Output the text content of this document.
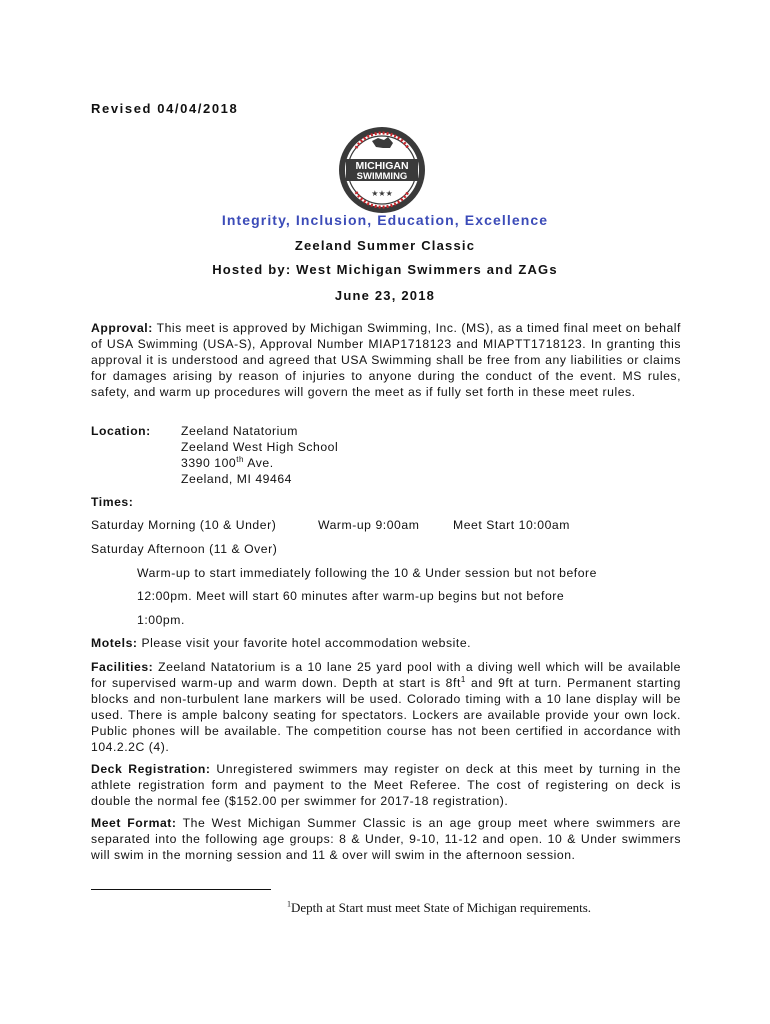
Revised 04/04/2018
MICHIGAN
SWIMMING
★★★
Integrity, Inclusion, Education, Excellence
Zeeland Summer Classic
Hosted by: West Michigan Swimmers and ZAGs
June 23, 2018
Approval: This meet is approved by Michigan Swimming, Inc. (MS), as a timed final meet on behalf of USA Swimming (USA-S), Approval Number MIAP1718123 and MIAPTT1718123. In granting this approval it is understood and agreed that USA Swimming shall be free from any liabilities or claims for damages arising by reason of injuries to anyone during the conduct of the event. MS rules, safety, and warm up procedures will govern the meet as if fully set forth in these meet rules.
Location: Zeeland Natatorium
Zeeland West High School
3390 100th Ave.
Zeeland, MI 49464
Times:
Saturday Morning (10 & Under)	Warm-up 9:00am	Meet Start 10:00am
Saturday Afternoon (11 & Over)
Warm-up to start immediately following the 10 & Under session but not before
12:00pm. Meet will start 60 minutes after warm-up begins but not before
1:00pm.
Motels: Please visit your favorite hotel accommodation website.
Facilities: Zeeland Natatorium is a 10 lane 25 yard pool with a diving well which will be available for supervised warm-up and warm down. Depth at start is $8ft^1$ and 9ft at turn. Permanent starting blocks and non-turbulent lane markers will be used. Colorado timing with a 10 lane display will be used. There is ample balcony seating for spectators. Lockers are available provide your own lock. Public phones will be available. The competition course has not been certified in accordance with 104.2.2C (4).
Deck Registration: Unregistered swimmers may register on deck at this meet by turning in the athlete registration form and payment to the Meet Referee. The cost of registering on deck is double the normal fee ($152.00 per swimmer for 2017-18 registration).
Meet Format: The West Michigan Summer Classic is an age group meet where swimmers are separated into the following age groups: 8 & Under, 9-10, 11-12 and open. 10 & Under swimmers will swim in the morning session and 11 & over will swim in the afternoon session.
$^1$Depth at Start must meet State of Michigan requirements.
